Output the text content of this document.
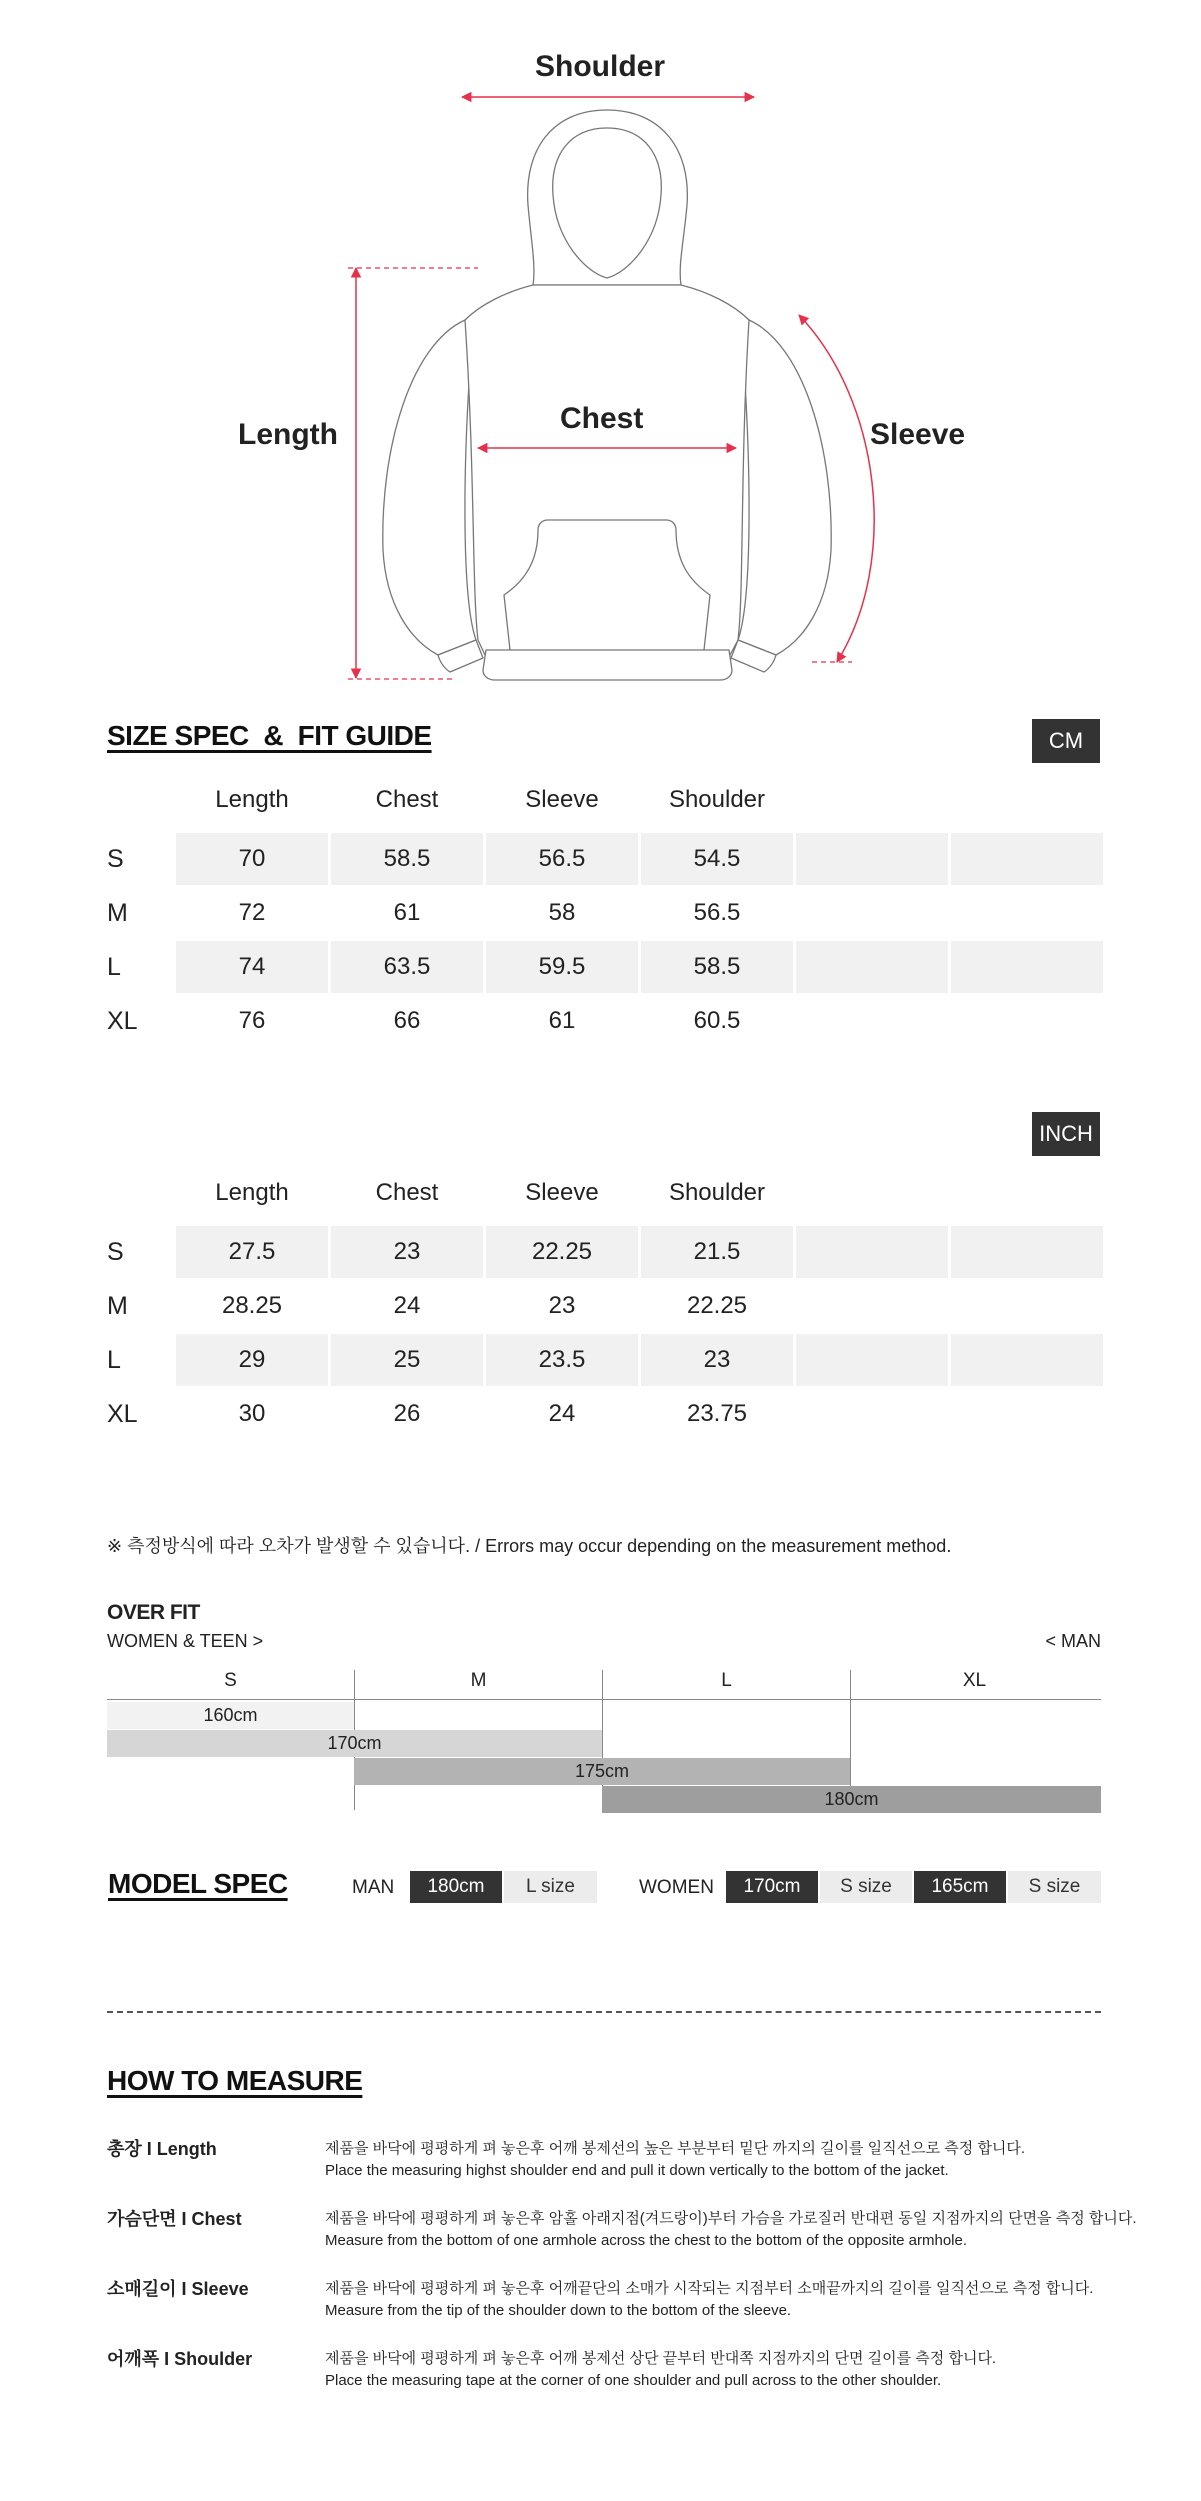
Shoulder
Length	Chest	Sleeve
SIZE SPEC  &  FIT GUIDE	CM
Length	Chest	Sleeve	Shoulder
S	70	58.5	56.5	54.5
M	72	61	58	56.5
L	74	63.5	59.5	58.5
XL	76	66	61	60.5
INCH
Length	Chest	Sleeve	Shoulder
S	27.5	23	22.25	21.5
M	28.25	24	23	22.25
L	29	25	23.5	23
XL	30	26	24	23.75
※ 측정방식에 따라 오차가 발생할 수 있습니다. / Errors may occur depending on the measurement method.
OVER FIT
WOMEN & TEEN >	< MAN
S	M	L	XL
160cm
170cm
175cm
180cm
MODEL SPEC	MAN	180cm	L size	WOMEN	170cm	S size	165cm	S size
HOW TO MEASURE
총장 I Length	제품을 바닥에 평평하게 펴 놓은후 어깨 봉제선의 높은 부분부터 밑단 까지의 길이를 일직선으로 측정 합니다.
Place the measuring highst shoulder end and pull it down vertically to the bottom of the jacket.
가슴단면 I Chest	제품을 바닥에 평평하게 펴 놓은후 암홀 아래지점(겨드랑이)부터 가슴을 가로질러 반대편 동일 지점까지의 단면을 측정 합니다.
Measure from the bottom of one armhole across the chest to the bottom of the opposite armhole.
소매길이 I Sleeve	제품을 바닥에 평평하게 펴 놓은후 어깨끝단의 소매가 시작되는 지점부터 소매끝까지의 길이를 일직선으로 측정 합니다.
Measure from the tip of the shoulder down to the bottom of the sleeve.
어깨폭 I Shoulder	제품을 바닥에 평평하게 펴 놓은후 어깨 봉제선 상단 끝부터 반대쪽 지점까지의 단면 길이를 측정 합니다.
Place the measuring tape at the corner of one shoulder and pull across to the other shoulder.
